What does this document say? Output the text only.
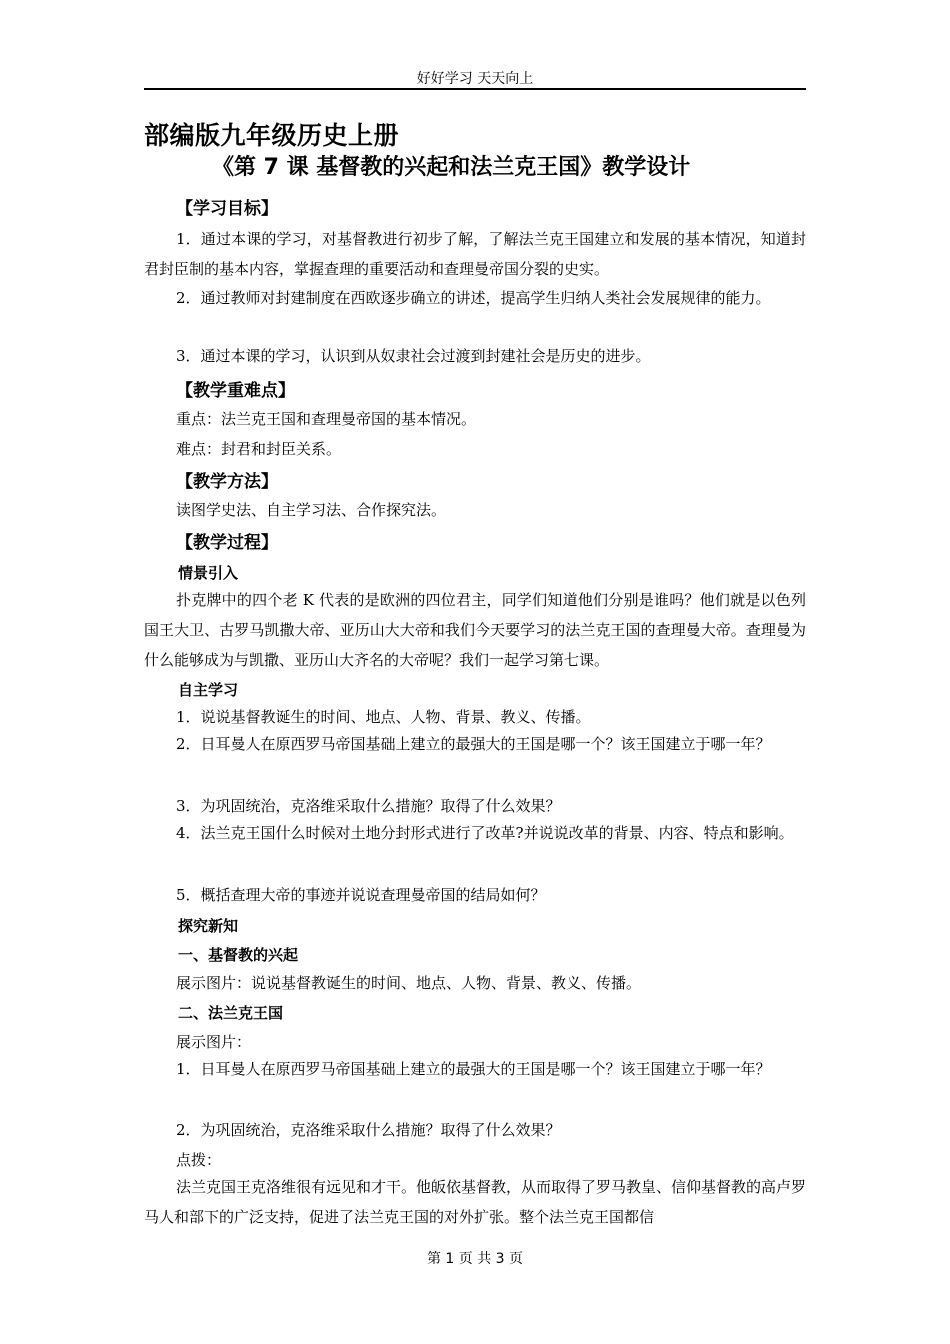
好好学习 天天向上
部编版九年级历史上册
《第 7 课 基督教的兴起和法兰克王国》教学设计
【学习目标】

1．通过本课的学习，对基督教进行初步了解，了解法兰克王国建立和发展的基本情况，知道封君封臣制的基本内容，掌握查理的重要活动和查理曼帝国分裂的史实。

2．通过教师对封建制度在西欧逐步确立的讲述，提高学生归纳人类社会发展规律的能力。

3．通过本课的学习，认识到从奴隶社会过渡到封建社会是历史的进步。

【教学重难点】
重点：法兰克王国和查理曼帝国的基本情况。
难点：封君和封臣关系。
【教学方法】
读图学史法、自主学习法、合作探究法。
【教学过程】
情景引入

扑克牌中的四个老 K 代表的是欧洲的四位君主，同学们知道他们分别是谁吗？他们就是以色列国王大卫、古罗马凯撒大帝、亚历山大大帝和我们今天要学习的法兰克王国的查理曼大帝。查理曼为什么能够成为与凯撒、亚历山大齐名的大帝呢？我们一起学习第七课。

自主学习
1．说说基督教诞生的时间、地点、人物、背景、教义、传播。

2．日耳曼人在原西罗马帝国基础上建立的最强大的王国是哪一个？该王国建立于哪一年？

3．为巩固统治，克洛维采取什么措施？取得了什么效果？

4．法兰克王国什么时候对土地分封形式进行了改革?并说说改革的背景、内容、特点和影响。

5．概括查理大帝的事迹并说说查理曼帝国的结局如何？
探究新知
一、基督教的兴起
展示图片：说说基督教诞生的时间、地点、人物、背景、教义、传播。
二、法兰克王国
展示图片：

1．日耳曼人在原西罗马帝国基础上建立的最强大的王国是哪一个？该王国建立于哪一年？

2．为巩固统治，克洛维采取什么措施？取得了什么效果？
点拨：

法兰克国王克洛维很有远见和才干。他皈依基督教，从而取得了罗马教皇、信仰基督教的高卢罗马人和部下的广泛支持，促进了法兰克王国的对外扩张。整个法兰克王国都信

第 1 页 共 3 页
